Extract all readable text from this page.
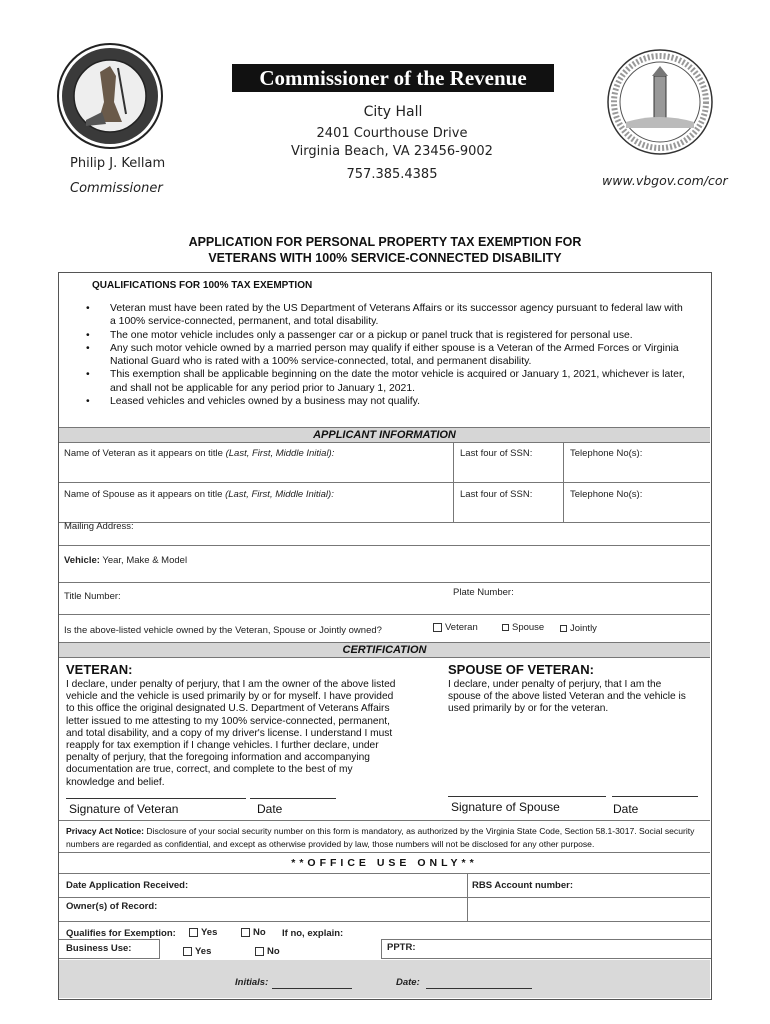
Commissioner of the Revenue
City Hall
2401 Courthouse Drive
Virginia Beach, VA 23456-9002
757.385.4385
Philip J. Kellam
Commissioner
www.vbgov.com/cor
APPLICATION FOR PERSONAL PROPERTY TAX EXEMPTION FOR
VETERANS WITH 100% SERVICE-CONNECTED DISABILITY
QUALIFICATIONS FOR 100% TAX EXEMPTION
• Veteran must have been rated by the US Department of Veterans Affairs or its successor agency pursuant to federal law with a 100% service-connected, permanent, and total disability.
• The one motor vehicle includes only a passenger car or a pickup or panel truck that is registered for personal use.
• Any such motor vehicle owned by a married person may qualify if either spouse is a Veteran of the Armed Forces or Virginia National Guard who is rated with a 100% service-connected, total, and permanent disability.
• This exemption shall be applicable beginning on the date the motor vehicle is acquired or January 1, 2021, whichever is later, and shall not be applicable for any period prior to January 1, 2021.
• Leased vehicles and vehicles owned by a business may not qualify.
APPLICANT INFORMATION
Name of Veteran as it appears on title (Last, First, Middle Initial):	Last four of SSN:	Telephone No(s):
Name of Spouse as it appears on title (Last, First, Middle Initial):	Last four of SSN:	Telephone No(s):
Mailing Address:
Vehicle: Year, Make & Model
Title Number:	Plate Number:
Is the above-listed vehicle owned by the Veteran, Spouse or Jointly owned?	Veteran	Spouse	Jointly
CERTIFICATION
VETERAN:
I declare, under penalty of perjury, that I am the owner of the above listed vehicle and the vehicle is used primarily by or for myself. I have provided to this office the original designated U.S. Department of Veterans Affairs letter issued to me attesting to my 100% service-connected, permanent, and total disability, and a copy of my driver's license. I understand I must reapply for tax exemption if I change vehicles. I further declare, under penalty of perjury, that the foregoing information and accompanying documentation are true, correct, and complete to the best of my knowledge and belief.
SPOUSE OF VETERAN:
I declare, under penalty of perjury, that I am the spouse of the above listed Veteran and the vehicle is used primarily by or for the veteran.
Signature of Veteran	Date	Signature of Spouse	Date
Privacy Act Notice: Disclosure of your social security number on this form is mandatory, as authorized by the Virginia State Code, Section 58.1-3017. Social security numbers are regarded as confidential, and except as otherwise provided by law, those numbers will not be disclosed for any other purpose.
**OFFICE USE ONLY**
Date Application Received:	RBS Account number:
Owner(s) of Record:
Qualifies for Exemption:	Yes	No If no, explain:
Business Use:	Yes	No	PPTR:
Initials:	Date:
